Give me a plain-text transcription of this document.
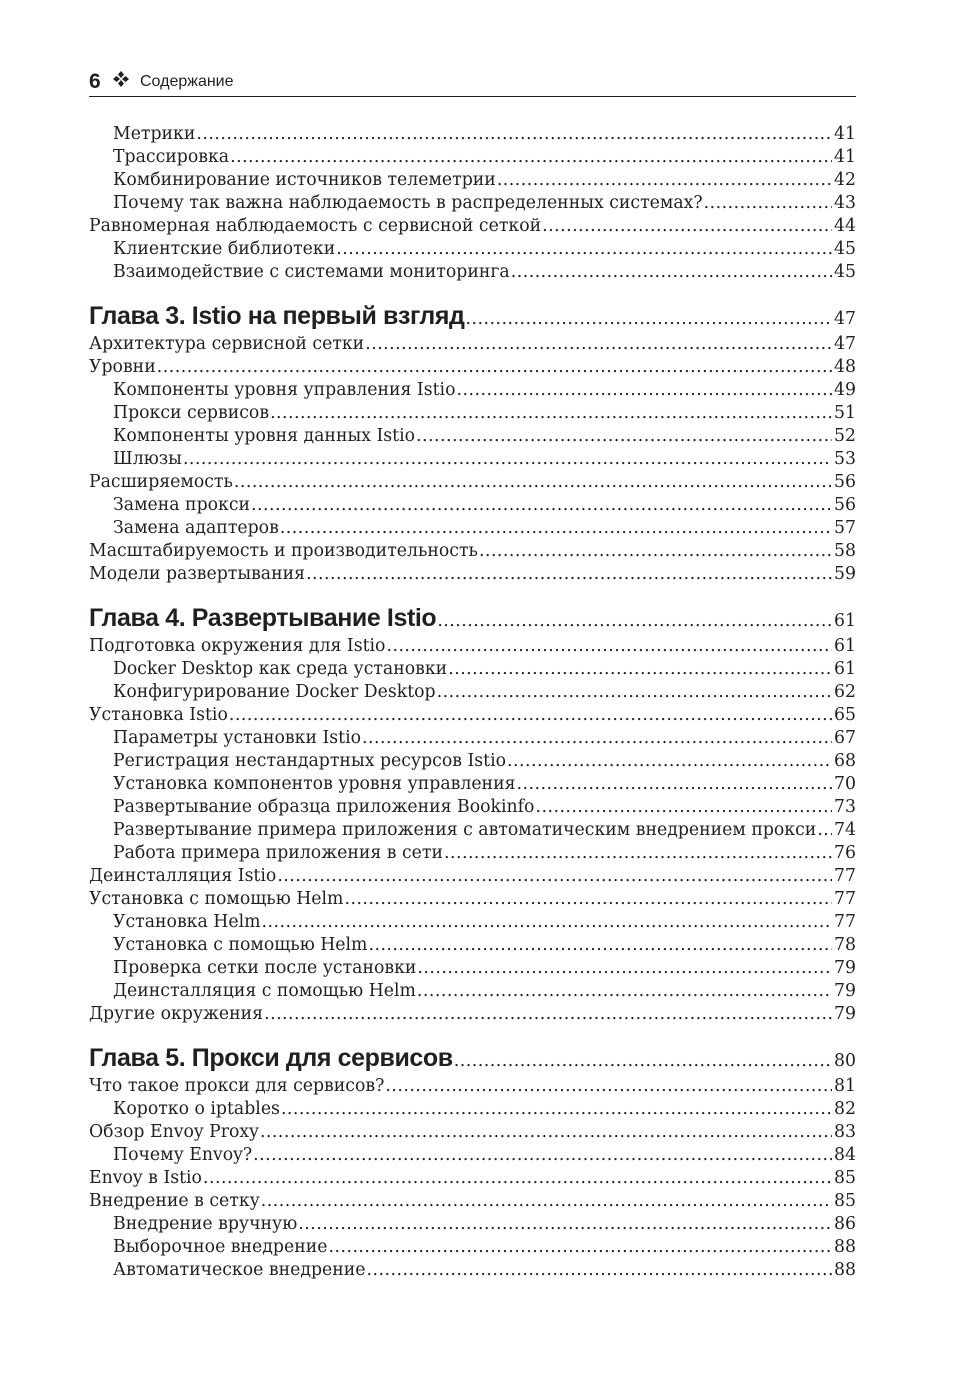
6 Содержание
Метрики .....	41
Трассировка .....	41
Комбинирование источников телеметрии .....	42
Почему так важна наблюдаемость в распределенных системах? .....	43
Равномерная наблюдаемость с сервисной сеткой .....	44
Клиентские библиотеки .....	45
Взаимодействие с системами мониторинга .....	45
Глава 3. Istio на первый взгляд .....	47
Архитектура сервисной сетки .....	47
Уровни .....	48
Компоненты уровня управления Istio .....	49
Прокси сервисов .....	51
Компоненты уровня данных Istio .....	52
Шлюзы .....	53
Расширяемость .....	56
Замена прокси .....	56
Замена адаптеров .....	57
Масштабируемость и производительность .....	58
Модели развертывания .....	59
Глава 4. Развертывание Istio .....	61
Подготовка окружения для Istio .....	61
Docker Desktop как среда установки .....	61
Конфигурирование Docker Desktop .....	62
Установка Istio .....	65
Параметры установки Istio .....	67
Регистрация нестандартных ресурсов Istio .....	68
Установка компонентов уровня управления .....	70
Развертывание образца приложения Bookinfo .....	73
Развертывание примера приложения с автоматическим внедрением прокси ..... 74
Работа примера приложения в сети .....	76
Деинсталляция Istio .....	77
Установка с помощью Helm .....	77
Установка Helm .....	77
Установка с помощью Helm .....	78
Проверка сетки после установки .....	79
Деинсталляция с помощью Helm .....	79
Другие окружения .....	79
Глава 5. Прокси для сервисов .....	80
Что такое прокси для сервисов? .....	81
Коротко о iptables .....	82
Обзор Envoy Proxy .....	83
Почему Envoy? .....	84
Envoy в Istio .....	85
Внедрение в сетку .....	85
Внедрение вручную .....	86
Выборочное внедрение .....	88
Автоматическое внедрение .....	88
